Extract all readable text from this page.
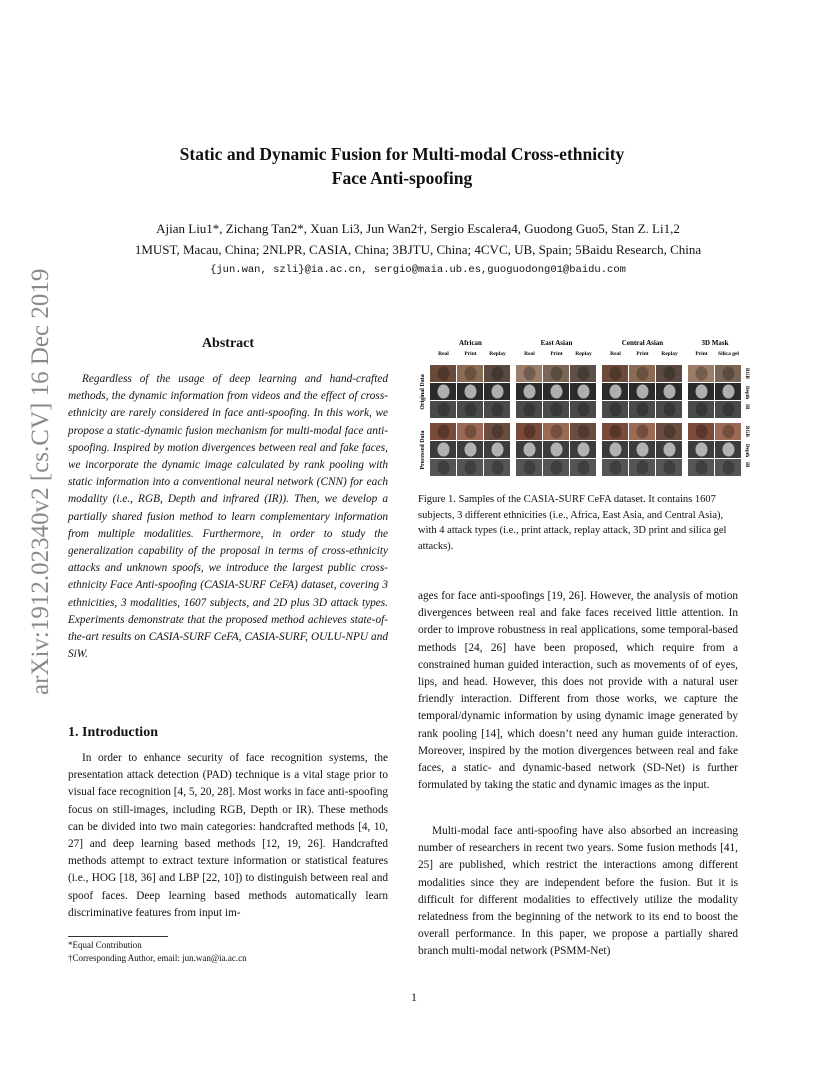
arXiv:1912.02340v2 [cs.CV] 16 Dec 2019
Static and Dynamic Fusion for Multi-modal Cross-ethnicity
Face Anti-spoofing
Ajian Liu1*, Zichang Tan2*, Xuan Li3, Jun Wan2†, Sergio Escalera4, Guodong Guo5, Stan Z. Li1,2
1MUST, Macau, China; 2NLPR, CASIA, China; 3BJTU, China; 4CVC, UB, Spain; 5Baidu Research, China
{jun.wan, szli}@ia.ac.cn, sergio@maia.ub.es,guoguodong01@baidu.com
Abstract
Regardless of the usage of deep learning and hand-crafted methods, the dynamic information from videos and the effect of cross-ethnicity are rarely considered in face anti-spoofing. In this work, we propose a static-dynamic fusion mechanism for multi-modal face anti-spoofing. Inspired by motion divergences between real and fake faces, we incorporate the dynamic image calculated by rank pooling with static information into a conventional neural network (CNN) for each modality (i.e., RGB, Depth and infrared (IR)). Then, we develop a partially shared fusion method to learn complementary information from multiple modalities. Furthermore, in order to study the generalization capability of the proposal in terms of cross-ethnicity attacks and unknown spoofs, we introduce the largest public cross-ethnicity Face Anti-spoofing (CASIA-SURF CeFA) dataset, covering 3 ethnicities, 3 modalities, 1607 subjects, and 2D plus 3D attack types. Experiments demonstrate that the proposed method achieves state-of-the-art results on CASIA-SURF CeFA, CASIA-SURF, OULU-NPU and SiW.
1. Introduction
In order to enhance security of face recognition systems, the presentation attack detection (PAD) technique is a vital stage prior to visual face recognition [4, 5, 20, 28]. Most works in face anti-spoofing focus on still-images, including RGB, Depth or IR). These methods can be divided into two main categories: handcrafted methods [4, 10, 27] and deep learning based methods [12, 19, 26]. Handcrafted methods attempt to extract texture information or statistical features (i.e., HOG [18, 36] and LBP [22, 10]) to distinguish between real and spoof faces. Deep learning based methods automatically learn discriminative features from input im-
*Equal Contribution
†Corresponding Author, email: jun.wan@ia.ac.cn
African	East Asian	Central Asian	3D Mask
Real	Print Replay	Real	Print Replay	Real	Print Replay	Print Silica gel
RGB
Depth
IR
RGB
Depth
IR
Original Data
Processed Data
Figure 1. Samples of the CASIA-SURF CeFA dataset. It contains 1607 subjects, 3 different ethnicities (i.e., Africa, East Asia, and Central Asia), with 4 attack types (i.e., print attack, replay attack, 3D print and silica gel attacks).
ages for face anti-spoofings [19, 26]. However, the analysis of motion divergences between real and fake faces received little attention. In order to improve robustness in real applications, some temporal-based methods [24, 26] have been proposed, which require from a constrained human guided interaction, such as movements of of eyes, lips, and head. However, this does not provide with a natural user friendly interaction. Different from those works, we capture the temporal/dynamic information by using dynamic image generated by rank pooling [14], which doesn’t need any human guide interaction. Moreover, inspired by the motion divergences between real and fake faces, a static- and dynamic-based network (SD-Net) is further formulated by taking the static and dynamic images as the input.
Multi-modal face anti-spoofing have also absorbed an increasing number of researchers in recent two years. Some fusion methods [41, 25] are published, which restrict the interactions among different modalities since they are independent before the fusion. But it is difficult for different modalities to effectively utilize the modality relatedness from the beginning of the network to its end to boost the overall performance. In this paper, we propose a partially shared branch multi-modal network (PSMM-Net)
1
